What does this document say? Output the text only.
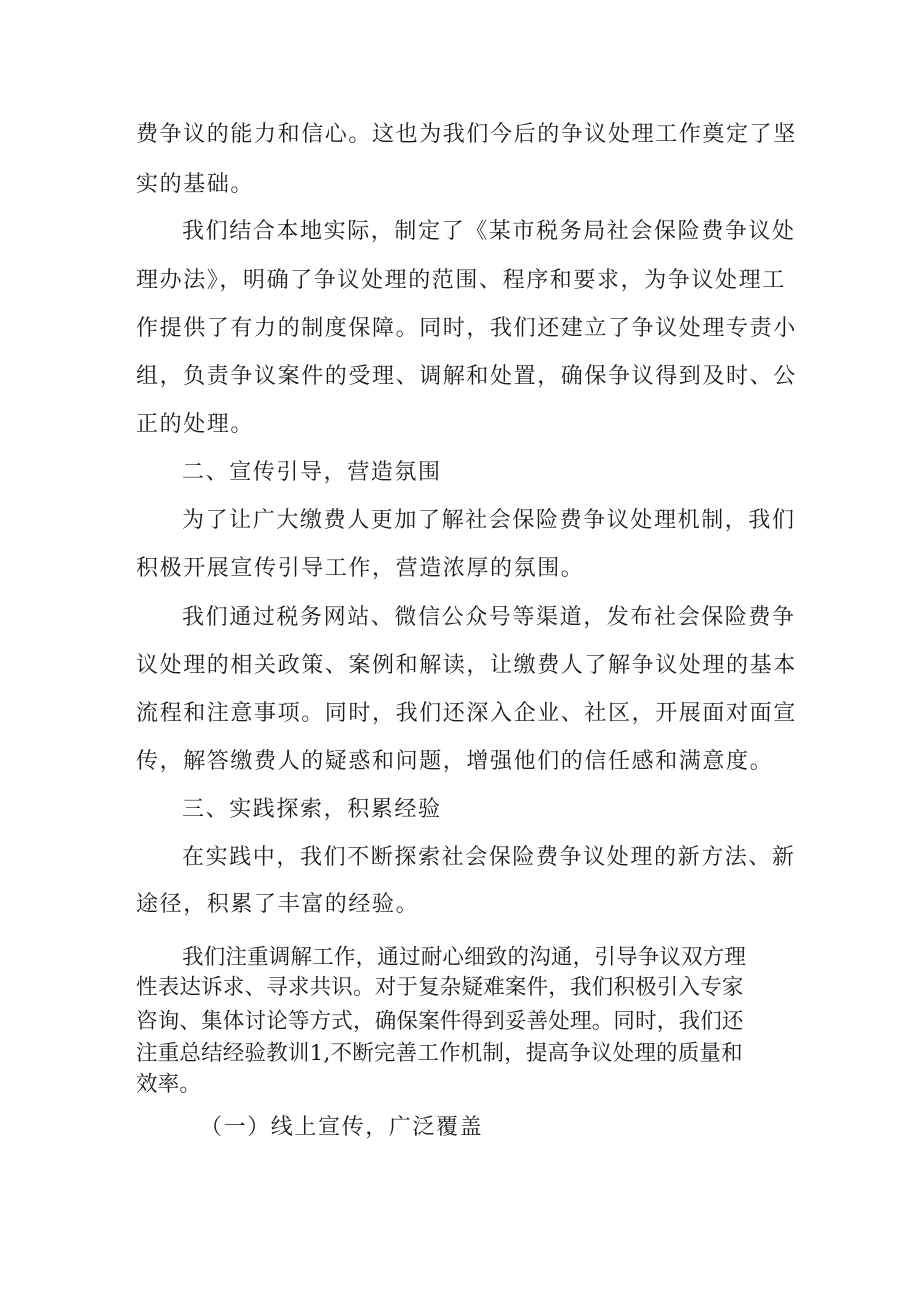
费争议的能力和信心。这也为我们今后的争议处理工作奠定了坚
实的基础。
我们结合本地实际，制定了《某市税务局社会保险费争议处
理办法》，明确了争议处理的范围、程序和要求，为争议处理工
作提供了有力的制度保障。同时，我们还建立了争议处理专责小
组，负责争议案件的受理、调解和处置，确保争议得到及时、公
正的处理。
二、宣传引导，营造氛围
为了让广大缴费人更加了解社会保险费争议处理机制，我们
积极开展宣传引导工作，营造浓厚的氛围。
我们通过税务网站、微信公众号等渠道，发布社会保险费争
议处理的相关政策、案例和解读，让缴费人了解争议处理的基本
流程和注意事项。同时，我们还深入企业、社区，开展面对面宣
传，解答缴费人的疑惑和问题，增强他们的信任感和满意度。
三、实践探索，积累经验
在实践中，我们不断探索社会保险费争议处理的新方法、新
途径，积累了丰富的经验。
我们注重调解工作，通过耐心细致的沟通，引导争议双方理
性表达诉求、寻求共识。对于复杂疑难案件，我们积极引入专家
咨询、集体讨论等方式，确保案件得到妥善处理。同时，我们还
注重总结经验教训1,不断完善工作机制，提高争议处理的质量和
效率。
（一）线上宣传，广泛覆盖
